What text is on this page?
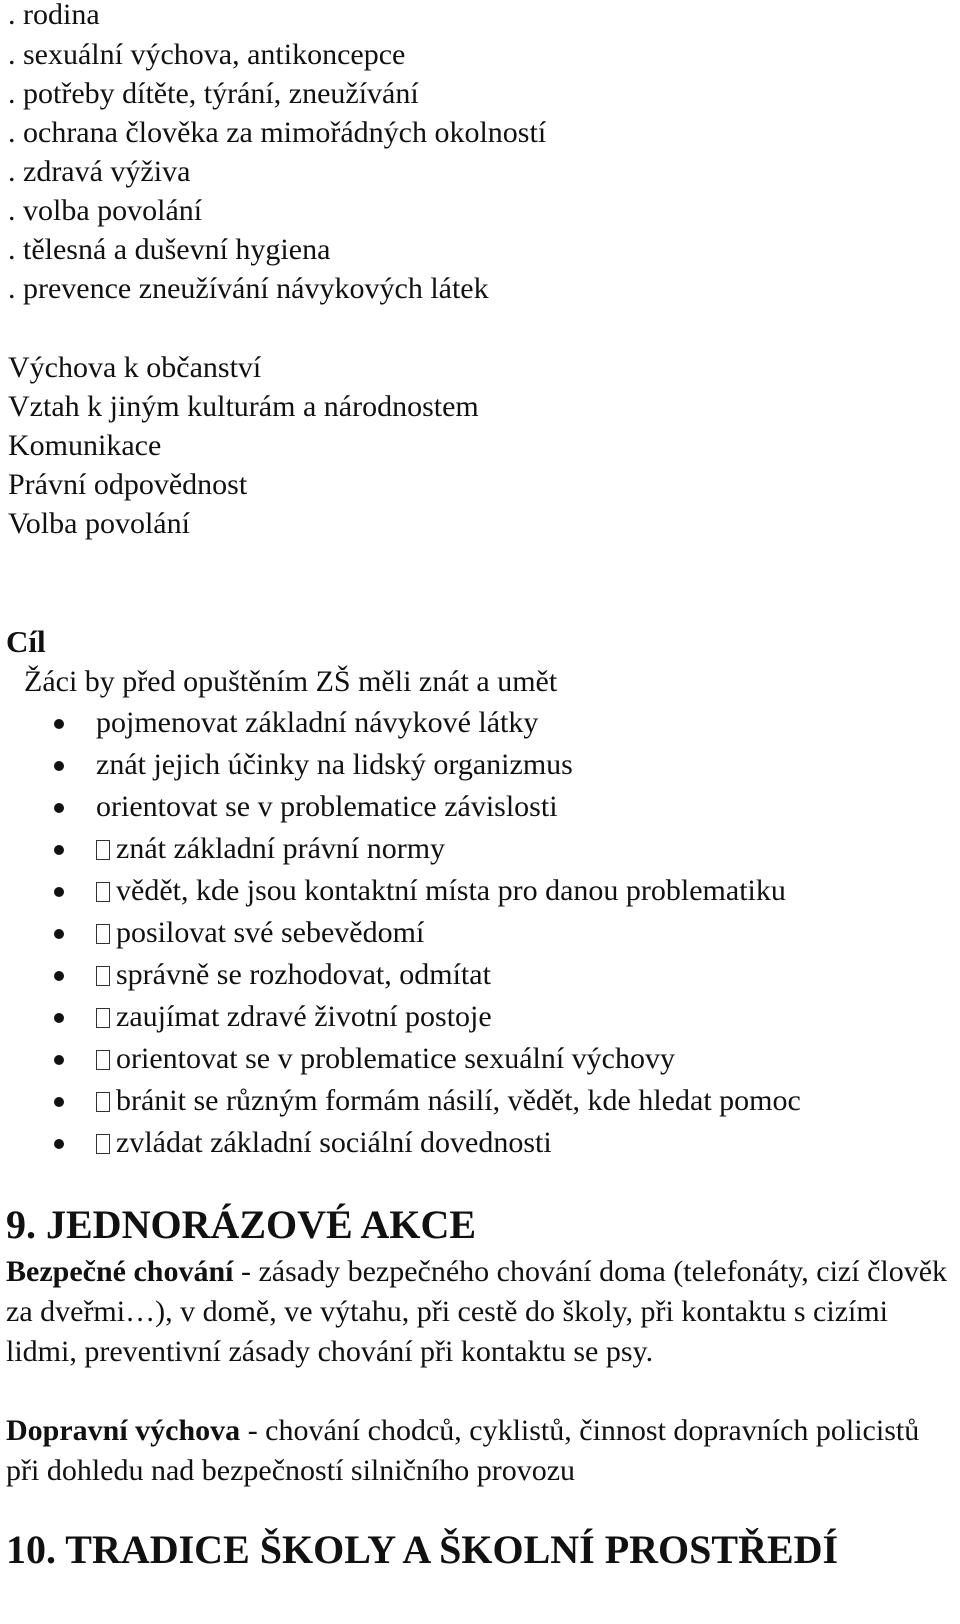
. rodina
. sexuální výchova, antikoncepce
. potřeby dítěte, týrání, zneužívání
. ochrana člověka za mimořádných okolností
. zdravá výživa
. volba povolání
. tělesná a duševní hygiena
. prevence zneužívání návykových látek
Výchova k občanství
Vztah k jiným kulturám a národnostem
Komunikace
Právní odpovědnost
Volba povolání
Cíl
Žáci by před opuštěním ZŠ měli znát a umět
pojmenovat základní návykové látky
znát jejich účinky na lidský organizmus
orientovat se v problematice závislosti
znát základní právní normy
vědět, kde jsou kontaktní místa pro danou problematiku
posilovat své sebevědomí
správně se rozhodovat, odmítat
zaujímat zdravé životní postoje
orientovat se v problematice sexuální výchovy
bránit se různým formám násilí, vědět, kde hledat pomoc
zvládat základní sociální dovednosti
9. JEDNORÁZOVÉ AKCE
Bezpečné chování - zásady bezpečného chování doma (telefonáty, cizí člověk za dveřmi…), v domě, ve výtahu, při cestě do školy, při kontaktu s cizími lidmi, preventivní zásady chování při kontaktu se psy.
Dopravní výchova - chování chodců, cyklistů, činnost dopravních policistů při dohledu nad bezpečností silničního provozu
10. TRADICE ŠKOLY A ŠKOLNÍ PROSTŘEDÍ
